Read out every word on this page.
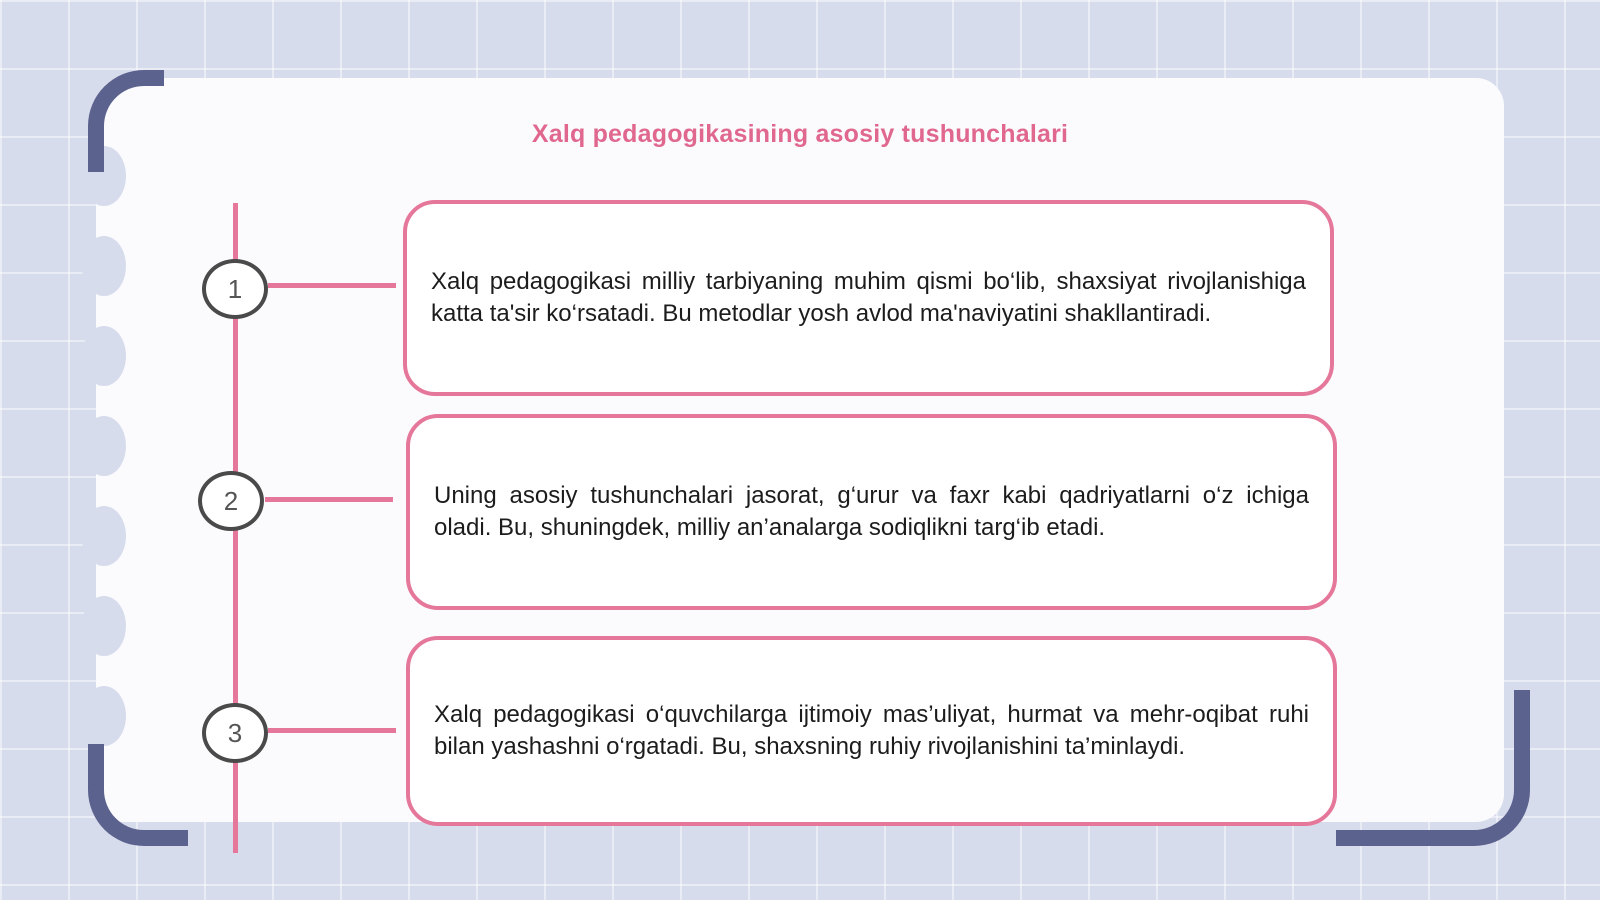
Xalq pedagogikasining asosiy tushunchalari
1
2
3
Xalq pedagogikasi milliy tarbiyaning muhim qismi bo‘lib, shaxsiyat rivojlanishiga katta ta'sir ko‘rsatadi. Bu metodlar yosh avlod ma'naviyatini shakllantiradi.
Uning asosiy tushunchalari jasorat, g‘urur va faxr kabi qadriyatlarni o‘z ichiga oladi. Bu, shuningdek, milliy an’analarga sodiqlikni targ‘ib etadi.
Xalq pedagogikasi o‘quvchilarga ijtimoiy mas’uliyat, hurmat va mehr-oqibat ruhi bilan yashashni o‘rgatadi. Bu, shaxsning ruhiy rivojlanishini ta’minlaydi.
